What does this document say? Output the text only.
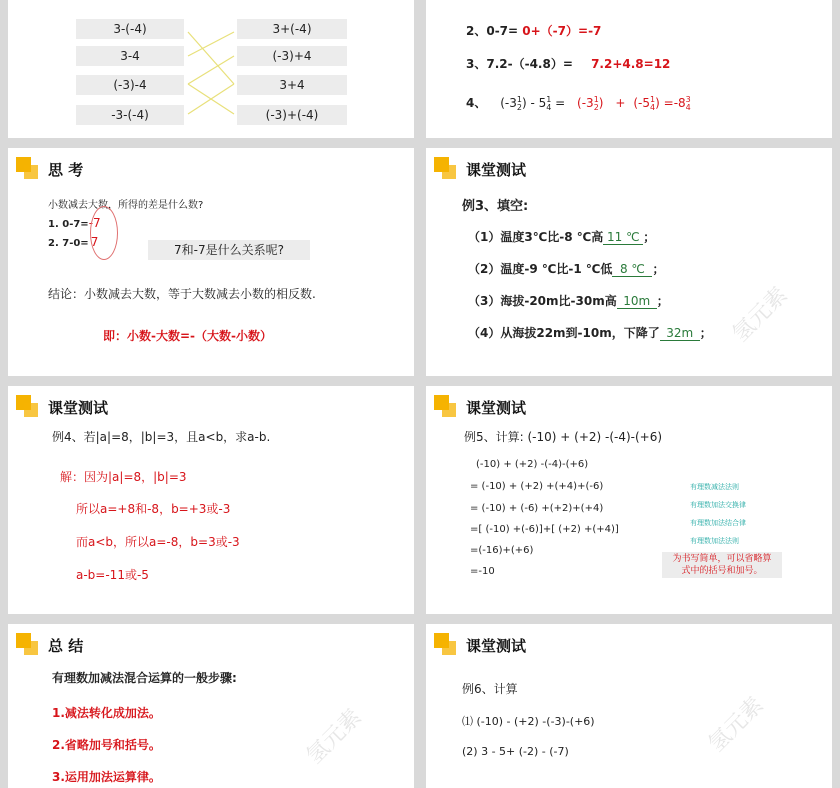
3-(-4)
3-4
(-3)-4
-3-(-4)
3+(-4)
(-3)+4
3+4
(-3)+(-4)
2、0-7= 0+（-7）=-7
3、7.2-（-4.8）= 7.2+4.8=12
4、 (-31
2) - 51
4 = (-31
2) + (-51
4) =-83
4
思 考
小数减去大数，所得的差是什么数?
1. 0-7=-7
2. 7-0= 7
7和-7是什么关系呢?
结论：小数减去大数，等于大数减去小数的相反数.
即：小数-大数=-（大数-小数）
课堂测试
例3、填空:
（1）温度3℃比-8 ℃高 11 ℃ ；
（2）温度-9 ℃比-1 ℃低 8 ℃ ；
（3）海拔-20m比-30m高 10m ；
（4）从海拔22m到-10m，下降了 32m ； 氢元素
课堂测试
例4、若|a|=8，|b|=3，且a<b，求a-b.
解：因为|a|=8，|b|=3
所以a=+8和-8，b=+3或-3
而a<b，所以a=-8，b=3或-3
a-b=-11或-5
课堂测试
例5、计算: (-10) + (+2) -(-4)-(+6)
(-10) + (+2) -(-4)-(+6)
= (-10) + (+2) +(+4)+(-6)
= (-10) + (-6) +(+2)+(+4)
=[ (-10) +(-6)]+[ (+2) +(+4)]
=(-16)+(+6)
=-10
有理数减法法则
有理数加法交换律
有理数加法结合律
有理数加法法则
为书写简单，可以省略算
式中的括号和加号。
总 结
有理数加减法混合运算的一般步骤:
1.减法转化成加法。
2.省略加号和括号。
3.运用加法运算律。
氢元素
课堂测试
例6、计算
⑴ (-10) - (+2) -(-3)-(+6)
(2) 3 - 5+ (-2) - (-7)	氢元素
